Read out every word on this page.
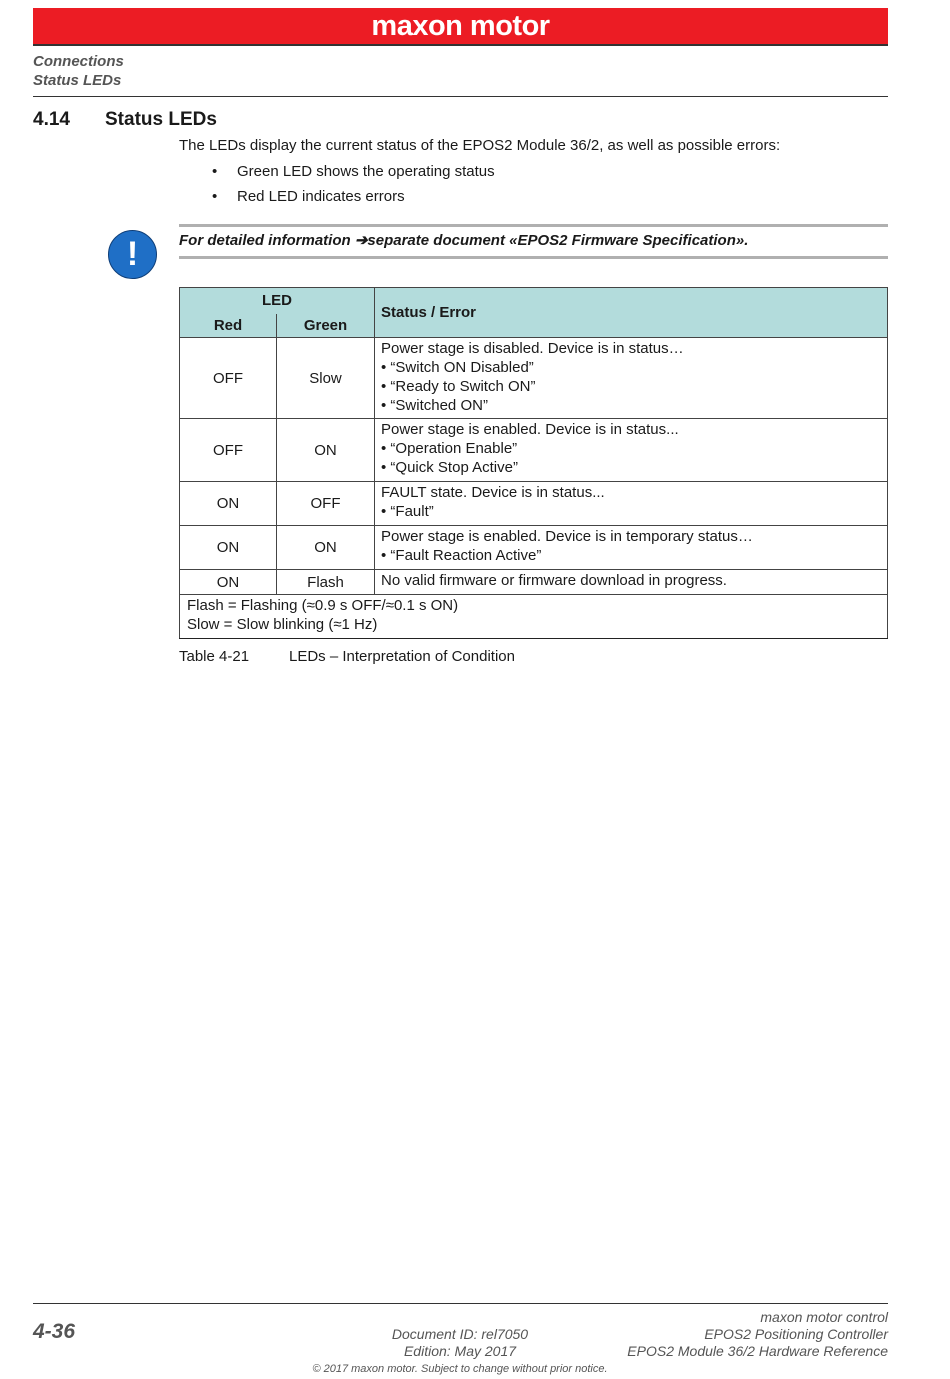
maxon motor
Connections
Status LEDs
4.14 Status LEDs
The LEDs display the current status of the EPOS2 Module 36/2, as well as possible errors:
• Green LED shows the operating status
• Red LED indicates errors
!	For detailed information ➔separate document «EPOS2 Firmware Specification».
LED		Status / Error
Red	Green	
OFF	Slow	Power stage is disabled. Device is in status…
• “Switch ON Disabled”
• “Ready to Switch ON”
• “Switched ON”

OFF	ON	Power stage is enabled. Device is in status...
• “Operation Enable”
• “Quick Stop Active”

ON	OFF	FAULT state. Device is in status...
• “Fault”

ON	ON	Power stage is enabled. Device is in temporary status…
• “Fault Reaction Active”

ON	Flash	No valid firmware or firmware download in progress.

Flash = Flashing (≈0.9 s OFF/≈0.1 s ON)
Slow = Slow blinking (≈1 Hz)		
Table 4-21	LEDs – Interpretation of Condition
4-36	Document ID: rel7050
Edition: May 2017
maxon motor control
EPOS2 Positioning Controller
EPOS2 Module 36/2 Hardware Reference
© 2017 maxon motor. Subject to change without prior notice.
